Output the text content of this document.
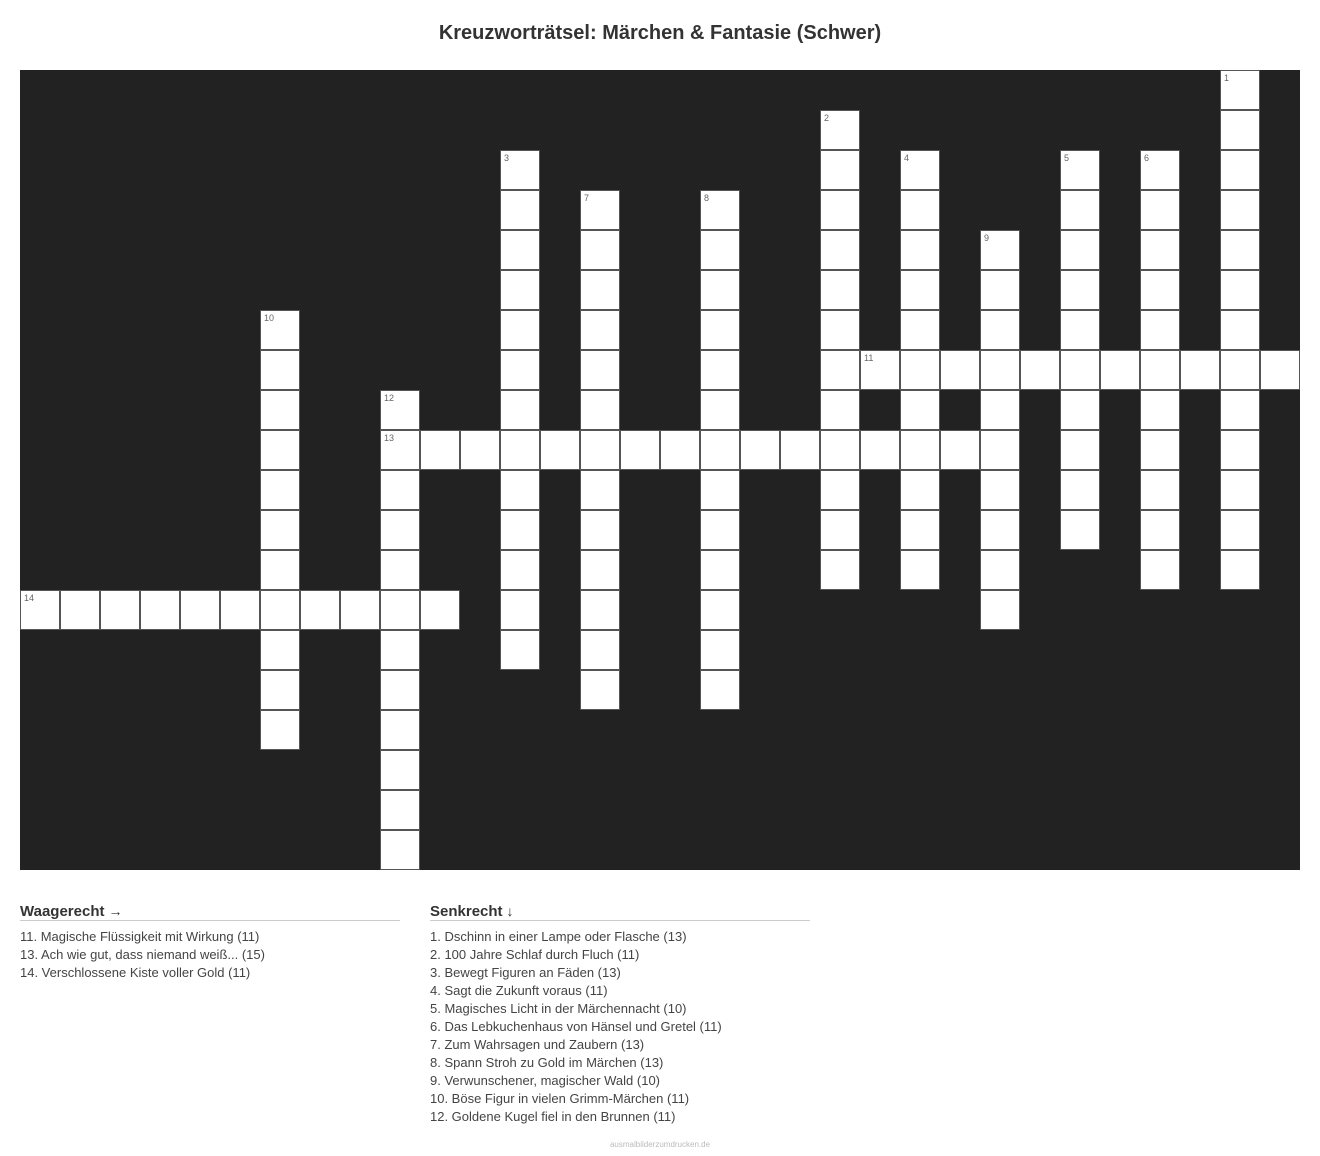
Kreuzworträtsel: Märchen & Fantasie (Schwer)
11
13
14
1
2
3	4	5	6
7	8
9
10
12
Waagerecht →
11. Magische Flüssigkeit mit Wirkung (11)
13. Ach wie gut, dass niemand weiß... (15)
14. Verschlossene Kiste voller Gold (11)
Senkrecht ↓
1. Dschinn in einer Lampe oder Flasche (13)
2. 100 Jahre Schlaf durch Fluch (11)
3. Bewegt Figuren an Fäden (13)
4. Sagt die Zukunft voraus (11)
5. Magisches Licht in der Märchennacht (10)
6. Das Lebkuchenhaus von Hänsel und Gretel (11)
7. Zum Wahrsagen und Zaubern (13)
8. Spann Stroh zu Gold im Märchen (13)
9. Verwunschener, magischer Wald (10)
10. Böse Figur in vielen Grimm-Märchen (11)
12. Goldene Kugel fiel in den Brunnen (11)
ausmalbilderzumdrucken.de
